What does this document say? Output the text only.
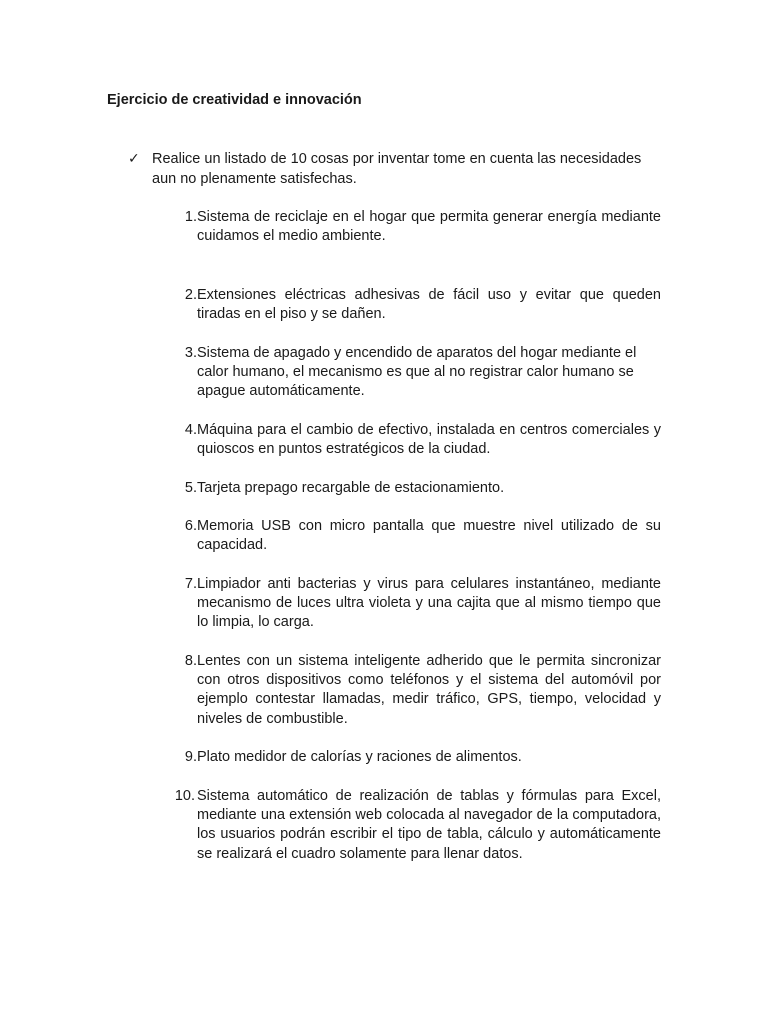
Ejercicio de creatividad e innovación
✓ Realice un listado de 10 cosas por inventar tome en cuenta las necesidades aun no plenamente satisfechas.
1. Sistema de reciclaje en el hogar que permita generar energía mediante cuidamos el medio ambiente.
2. Extensiones eléctricas adhesivas de fácil uso y evitar que queden tiradas en el piso y se dañen.
3. Sistema de apagado y encendido de aparatos del hogar mediante el calor humano, el mecanismo es que al no registrar calor humano se apague automáticamente.
4. Máquina para el cambio de efectivo, instalada en centros comerciales y quioscos en puntos estratégicos de la ciudad.
5. Tarjeta prepago recargable de estacionamiento.
6. Memoria USB con micro pantalla que muestre nivel utilizado de su capacidad.
7. Limpiador anti bacterias y virus para celulares instantáneo, mediante mecanismo de luces ultra violeta y una cajita que al mismo tiempo que lo limpia, lo carga.
8. Lentes con un sistema inteligente adherido que le permita sincronizar con otros dispositivos como teléfonos y el sistema del automóvil por ejemplo contestar llamadas, medir tráfico, GPS, tiempo, velocidad y niveles de combustible.
9. Plato medidor de calorías y raciones de alimentos.
10. Sistema automático de realización de tablas y fórmulas para Excel, mediante una extensión web colocada al navegador de la computadora, los usuarios podrán escribir el tipo de tabla, cálculo y automáticamente se realizará el cuadro solamente para llenar datos.
